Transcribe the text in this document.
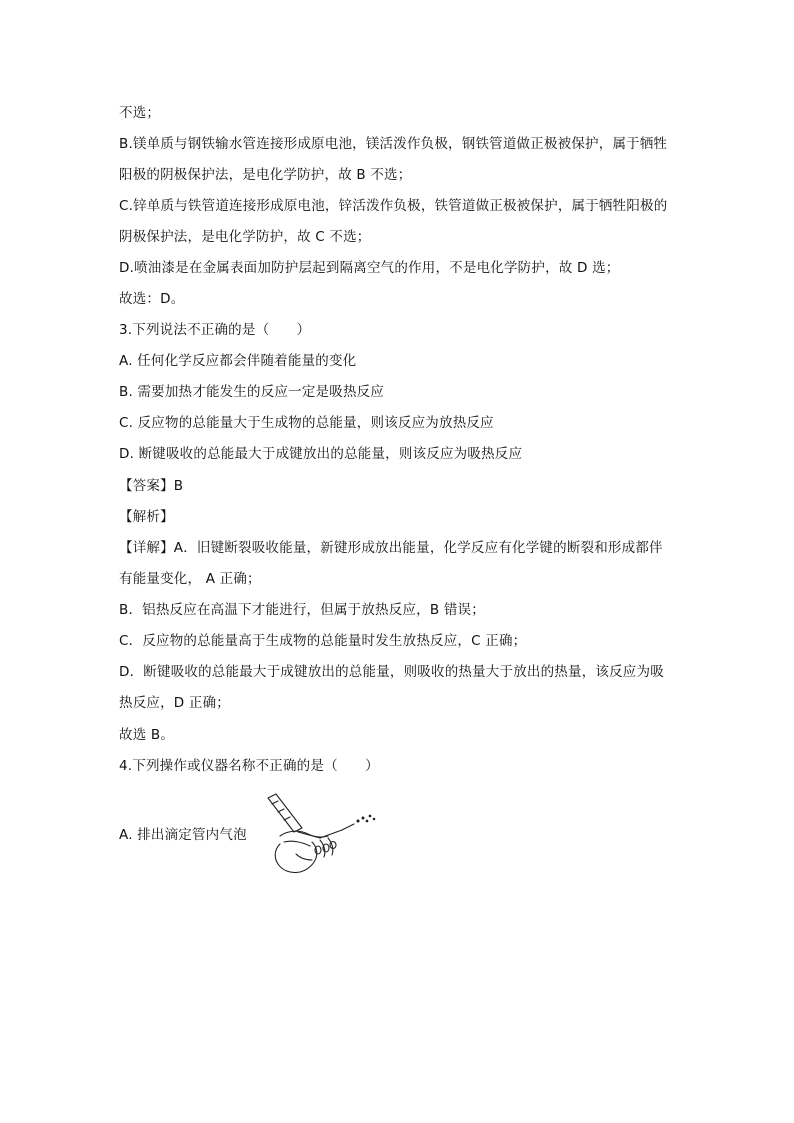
不选；
B.镁单质与钢铁输水管连接形成原电池，镁活泼作负极，钢铁管道做正极被保护，属于牺牲
阳极的阴极保护法，是电化学防护，故 B 不选；
C.锌单质与铁管道连接形成原电池，锌活泼作负极，铁管道做正极被保护，属于牺牲阳极的
阴极保护法，是电化学防护，故 C 不选；
D.喷油漆是在金属表面加防护层起到隔离空气的作用，不是电化学防护，故 D 选；
故选：D。
3.下列说法不正确的是（　　）
A. 任何化学反应都会伴随着能量的变化
B. 需要加热才能发生的反应一定是吸热反应
C. 反应物的总能量大于生成物的总能量，则该反应为放热反应
D. 断键吸收的总能最大于成键放出的总能量，则该反应为吸热反应
【答案】B
【解析】
【详解】A．旧键断裂吸收能量，新键形成放出能量，化学反应有化学键的断裂和形成都伴
有能量变化， A 正确；
B．铝热反应在高温下才能进行，但属于放热反应，B 错误；
C．反应物的总能量高于生成物的总能量时发生放热反应，C 正确；
D．断键吸收的总能最大于成键放出的总能量，则吸收的热量大于放出的热量，该反应为吸
热反应，D 正确；
故选 B。
4.下列操作或仪器名称不正确的是（　　）
A. 排出滴定管内气泡
